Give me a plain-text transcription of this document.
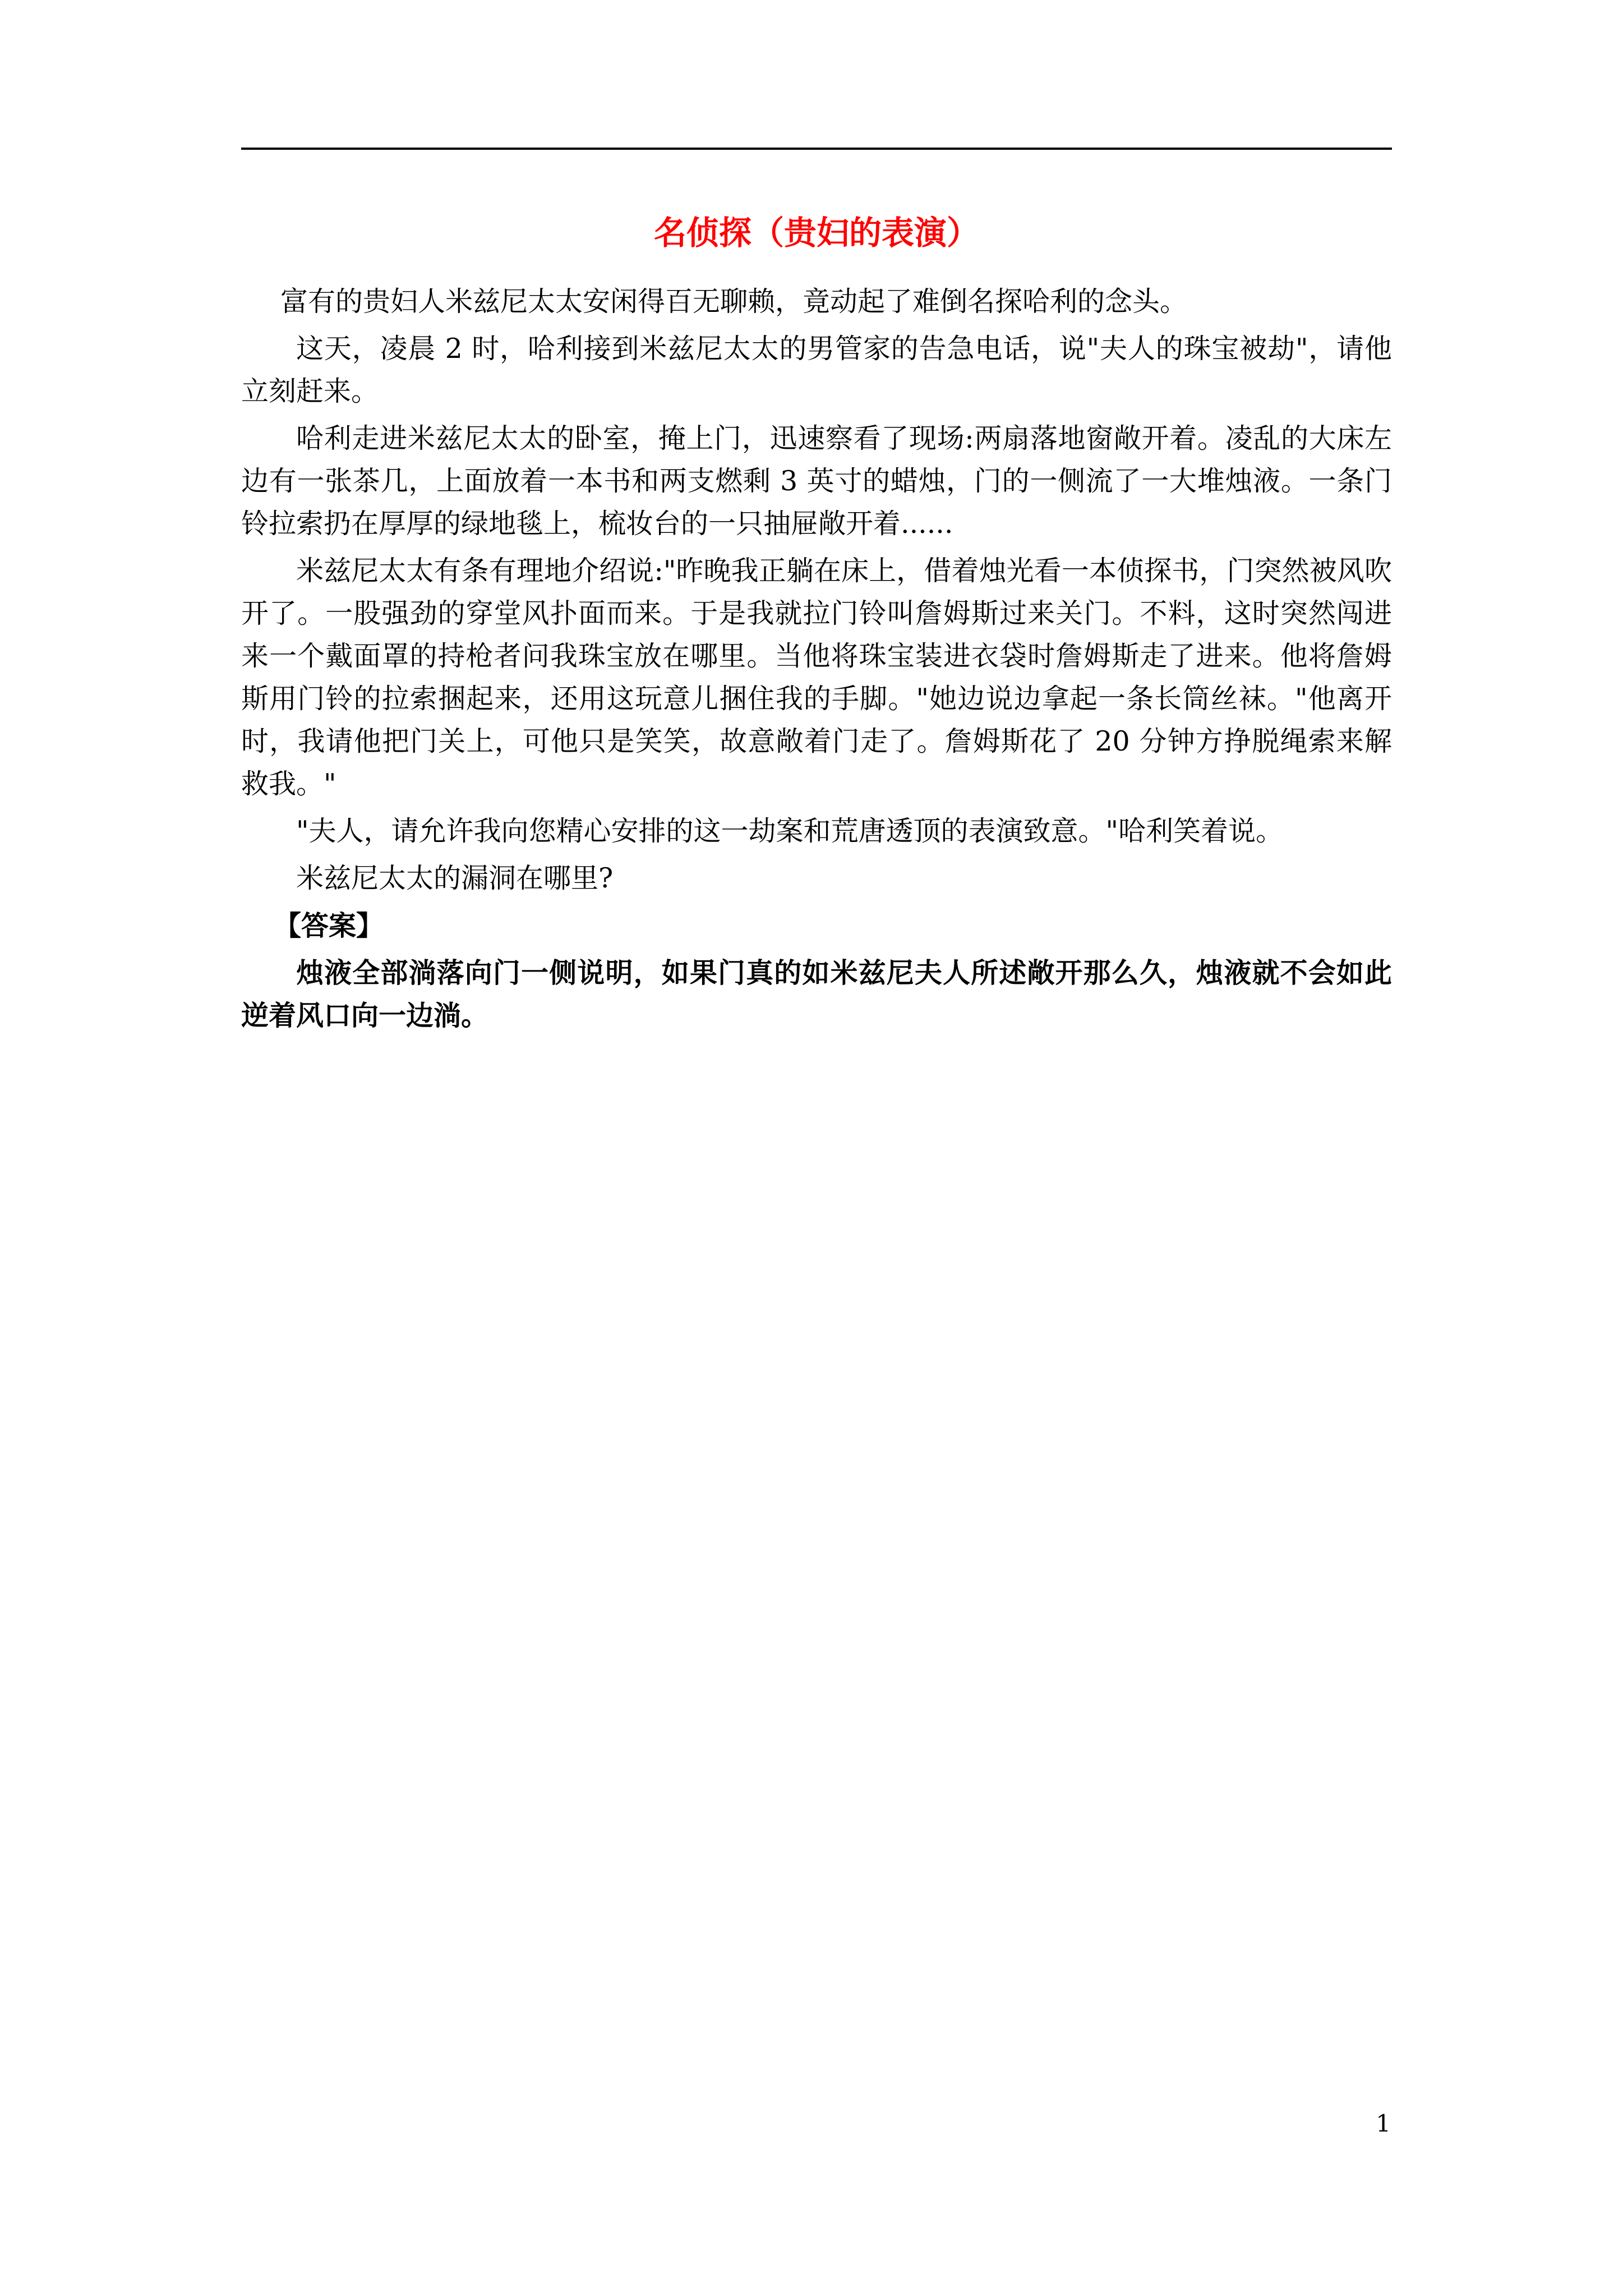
名侦探（贵妇的表演）

富有的贵妇人米兹尼太太安闲得百无聊赖，竟动起了难倒名探哈利的念头。

这天，凌晨 2 时，哈利接到米兹尼太太的男管家的告急电话，说"夫人的珠宝被劫"，请他立刻赶来。

哈利走进米兹尼太太的卧室，掩上门，迅速察看了现场:两扇落地窗敞开着。凌乱的大床左边有一张茶几，上面放着一本书和两支燃剩 3 英寸的蜡烛，门的一侧流了一大堆烛液。一条门铃拉索扔在厚厚的绿地毯上，梳妆台的一只抽屉敞开着......

米兹尼太太有条有理地介绍说:"昨晚我正躺在床上，借着烛光看一本侦探书，门突然被风吹开了。一股强劲的穿堂风扑面而来。于是我就拉门铃叫詹姆斯过来关门。不料，这时突然闯进来一个戴面罩的持枪者问我珠宝放在哪里。当他将珠宝装进衣袋时詹姆斯走了进来。他将詹姆斯用门铃的拉索捆起来，还用这玩意儿捆住我的手脚。"她边说边拿起一条长筒丝袜。"他离开时，我请他把门关上，可他只是笑笑，故意敞着门走了。詹姆斯花了 20 分钟方挣脱绳索来解救我。"

"夫人，请允许我向您精心安排的这一劫案和荒唐透顶的表演致意。"哈利笑着说。

米兹尼太太的漏洞在哪里?

【答案】

烛液全部淌落向门一侧说明，如果门真的如米兹尼夫人所述敞开那么久，烛液就不会如此逆着风口向一边淌。

1
